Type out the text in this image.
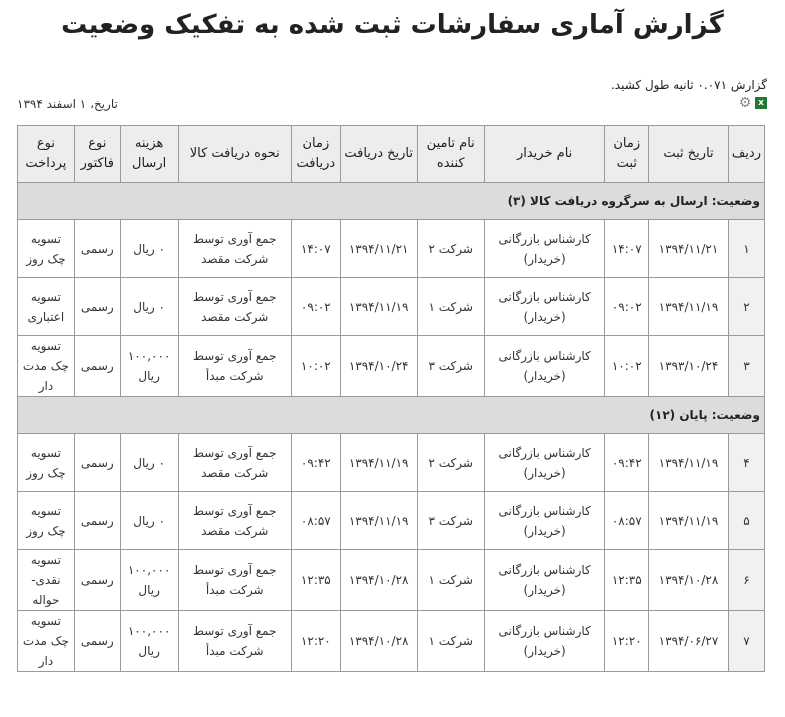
گزارش آماری سفارشات ثبت شده به تفکیک وضعیت
گزارش ۰.۰۷۱ ثانیه طول کشید.
⚙ x
تاریخ، ۱ اسفند ۱۳۹۴
ردیف	تاریخ ثبت	زمان ثبت	نام خریدار	نام تامین کننده	تاریخ دریافت	زمان دریافت	نحوه دریافت کالا	هزینه ارسال	نوع فاکتور	نوع پرداخت
وضعیت: ارسال به سرگروه دریافت کالا (۳)										
۱	۱۳۹۴/۱۱/۲۱	۱۴:۰۷	کارشناس بازرگانی (خریدار)	شرکت ۲	۱۳۹۴/۱۱/۲۱	۱۴:۰۷	جمع آوری توسط شرکت مقصد	۰ ریال	رسمی	تسویه چک روز
۲	۱۳۹۴/۱۱/۱۹	۰۹:۰۲	کارشناس بازرگانی (خریدار)	شرکت ۱	۱۳۹۴/۱۱/۱۹	۰۹:۰۲	جمع آوری توسط شرکت مقصد	۰ ریال	رسمی	تسویه اعتباری
۳	۱۳۹۳/۱۰/۲۴	۱۰:۰۲	کارشناس بازرگانی (خریدار)	شرکت ۳	۱۳۹۴/۱۰/۲۴	۱۰:۰۲	جمع آوری توسط شرکت مبدأ	۱۰۰,۰۰۰ ریال	رسمی	تسویه چک مدت دار
وضعیت: پایان (۱۲)										
۴	۱۳۹۴/۱۱/۱۹	۰۹:۴۲	کارشناس بازرگانی (خریدار)	شرکت ۲	۱۳۹۴/۱۱/۱۹	۰۹:۴۲	جمع آوری توسط شرکت مقصد	۰ ریال	رسمی	تسویه چک روز
۵	۱۳۹۴/۱۱/۱۹	۰۸:۵۷	کارشناس بازرگانی (خریدار)	شرکت ۳	۱۳۹۴/۱۱/۱۹	۰۸:۵۷	جمع آوری توسط شرکت مقصد	۰ ریال	رسمی	تسویه چک روز
۶	۱۳۹۴/۱۰/۲۸	۱۲:۳۵	کارشناس بازرگانی (خریدار)	شرکت ۱	۱۳۹۴/۱۰/۲۸	۱۲:۳۵	جمع آوری توسط شرکت مبدأ	۱۰۰,۰۰۰ ریال	رسمی	تسویه نقدی-حواله
۷	۱۳۹۴/۰۶/۲۷	۱۲:۲۰	کارشناس بازرگانی (خریدار)	شرکت ۱	۱۳۹۴/۱۰/۲۸	۱۲:۲۰	جمع آوری توسط شرکت مبدأ	۱۰۰,۰۰۰ ریال	رسمی	تسویه چک مدت دار
